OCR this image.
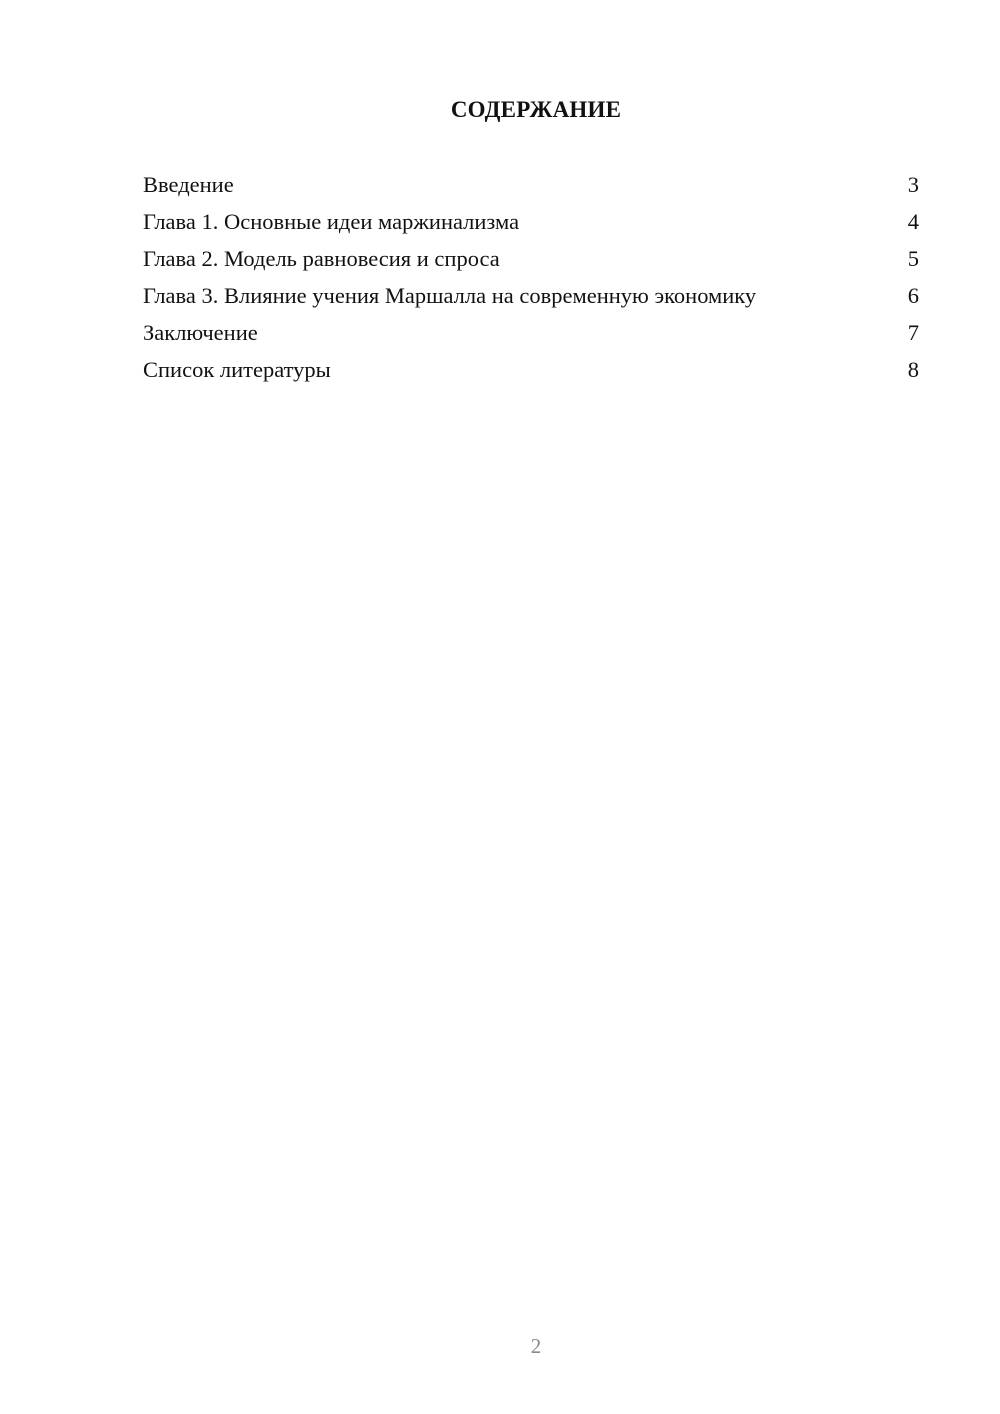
СОДЕРЖАНИЕ
Введение	3
Глава 1. Основные идеи маржинализма	4
Глава 2. Модель равновесия и спроса	5
Глава 3. Влияние учения Маршалла на современную экономику	6
Заключение	7
Список литературы	8
2
